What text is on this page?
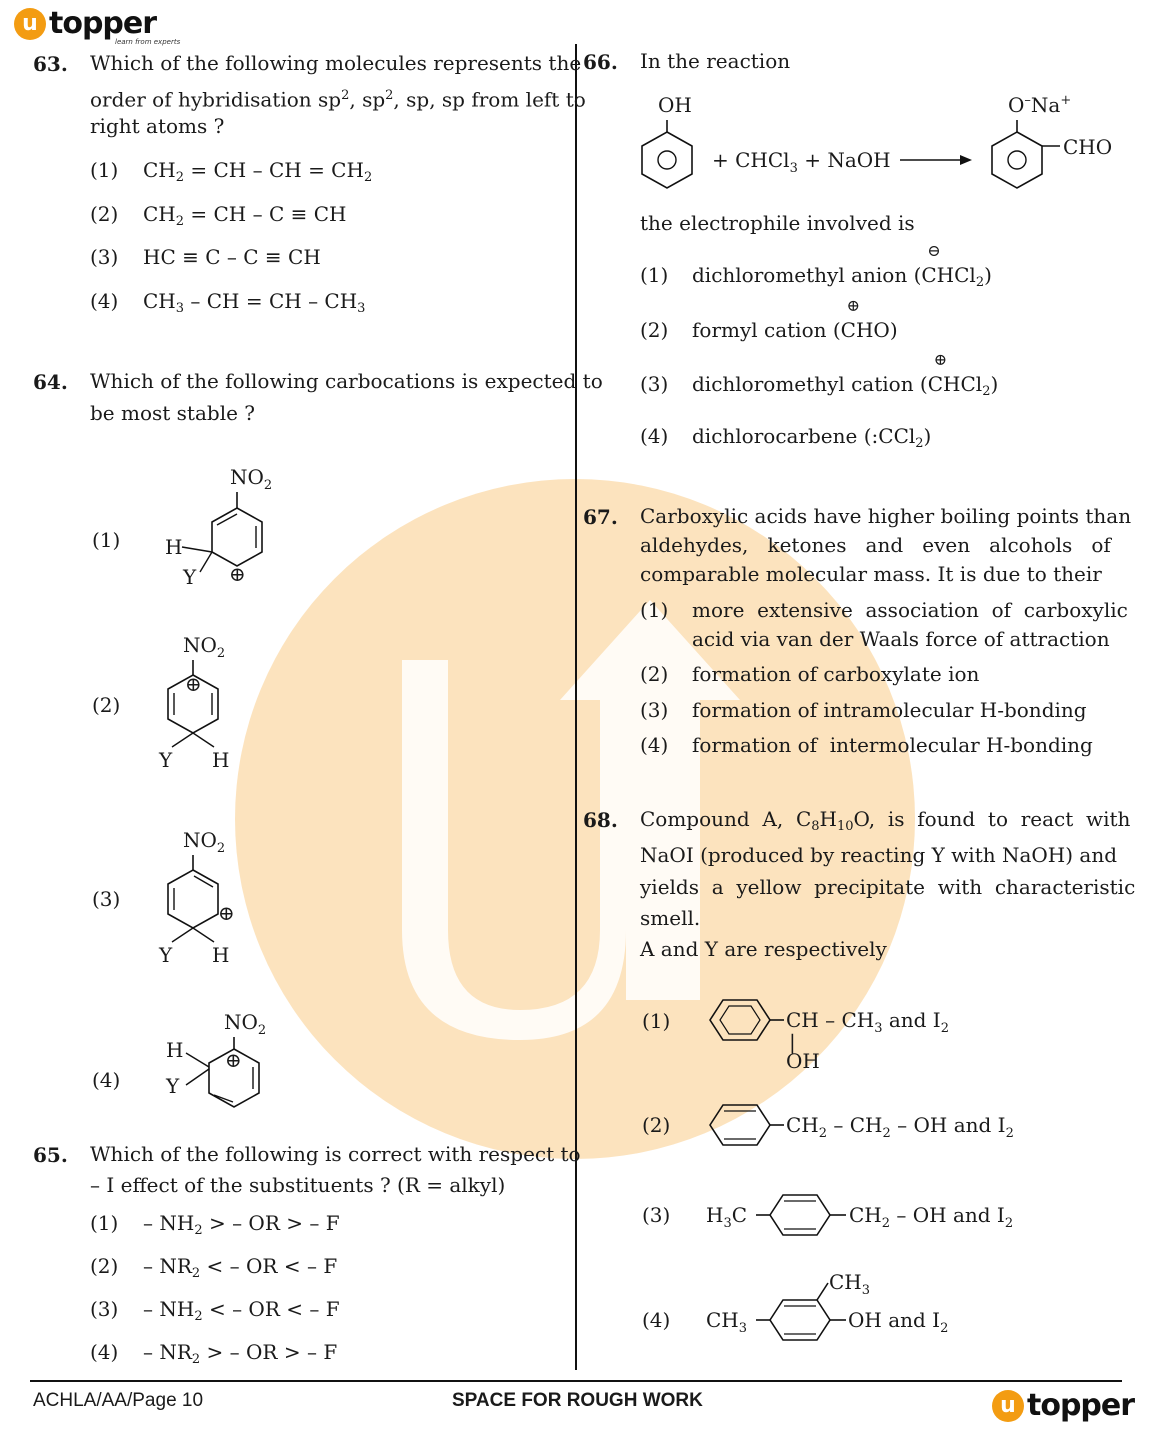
u topper
learn from experts
63. Which of the following molecules represents the
order of hybridisation $sp^2$, $sp^2$, sp, sp from left to
right atoms ?
(1) $CH_2$ = CH – CH = $CH_2$
(2) $CH_2$ = CH – C ≡ CH
(3) HC ≡ C – C ≡ CH
(4) $CH_3$ – CH = CH – $CH_3$
64. Which of the following carbocations is expected to
be most stable ?
(1)
(2)
(3)
(4)
$NO_2$
H
Y ⊕
$NO_2$
⊕
Y H
$NO_2$
⊕
Y H
$NO_2$
⊕
H
Y
65. Which of the following is correct with respect to
– I effect of the substituents ? (R = alkyl)
$(1) - NH_2$ > – OR > – F
$(2) - NR_2$ < – OR < – F
$(3) - NH_2$ < – OR < – F
$(4) - NR_2$ > – OR > – F
66. In the reaction
OH
+ CHCl$_3$ + NaOH
O–Na+
CHO
the electrophile involved is
(1) dichloromethyl anion (
⊖
CHCl$_2$)
(2) formyl cation (
⊕
CHO)
(3) dichloromethyl cation (
⊕
CHCl$_2$)
(4) dichlorocarbene (:CCl$_2$)
67. Carboxylic acids have higher boiling points than
aldehydes,   ketones   and   even   alcohols   of
comparable molecular mass. It is due to their
(1) more  extensive  association  of  carboxylic
acid via van der Waals force of attraction
(2) formation of carboxylate ion
(3) formation of intramolecular H-bonding
(4) formation of  intermolecular H-bonding
68. Compound  A,  $C_8H_{10}O$,  is  found  to  react  with
NaOI (produced by reacting Y with NaOH) and
yields  a  yellow  precipitate  with  characteristic
smell.
A and Y are respectively
(1)
(2)
(3)
(4)
CH – $CH_3$ and $I_2$
|
OH
$CH_2 - CH_2$ – OH and $I_2$
$H_3C$	$CH_2$ – OH and $I_2$
$CH_3$
$CH_3$
OH and $I_2$
ACHLA/AA/Page 10	SPACE FOR ROUGH WORK	u topper
